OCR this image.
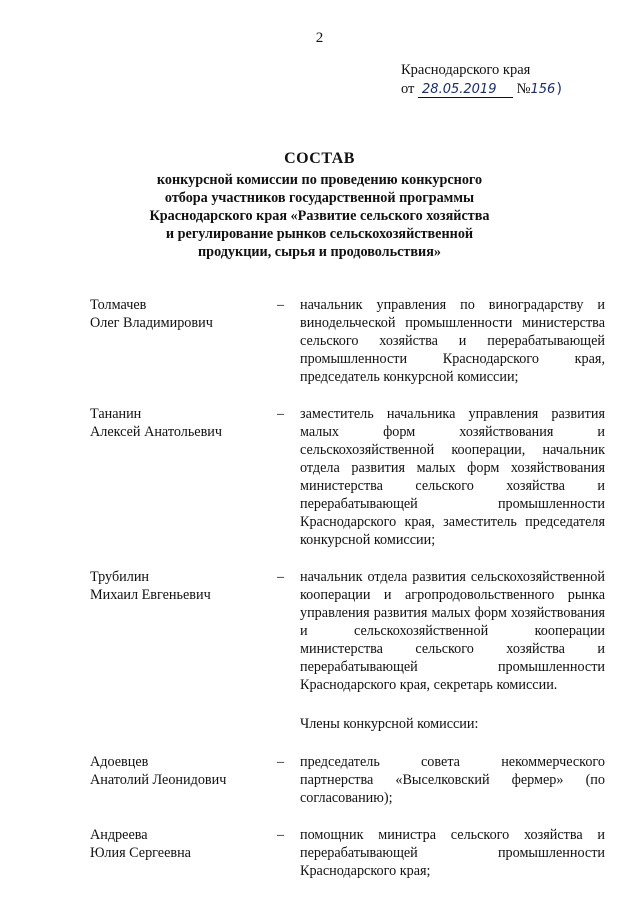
2
Краснодарского края
от 28.05.2019 №156)
СОСТАВ
конкурсной комиссии по проведению конкурсного
отбора участников государственной программы
Краснодарского края «Развитие сельского хозяйства
и регулирование рынков сельскохозяйственной
продукции, сырья и продовольствия»
Толмачев
Олег Владимирович
– начальник управления по виноградарству и винодельческой промышленности министерства сельского хозяйства и перерабатывающей промышленности Краснодарского края, председатель конкурсной комиссии;
Тананин
Алексей Анатольевич
– заместитель начальника управления развития малых форм хозяйствования и сельскохозяйственной кооперации, начальник отдела развития малых форм хозяйствования министерства сельского хозяйства и перерабатывающей промышленности Краснодарского края, заместитель председателя конкурсной комиссии;
Трубилин
Михаил Евгеньевич
– начальник отдела развития сельскохозяйственной кооперации и агропродовольственного рынка управления развития малых форм хозяйствования и сельскохозяйственной кооперации министерства сельского хозяйства и перерабатывающей промышленности Краснодарского края, секретарь комиссии.
Члены конкурсной комиссии:
Адоевцев
Анатолий Леонидович
– председатель совета некоммерческого партнерства «Выселковский фермер» (по согласованию);
Андреева
Юлия Сергеевна
– помощник министра сельского хозяйства и перерабатывающей промышленности Краснодарского края;
